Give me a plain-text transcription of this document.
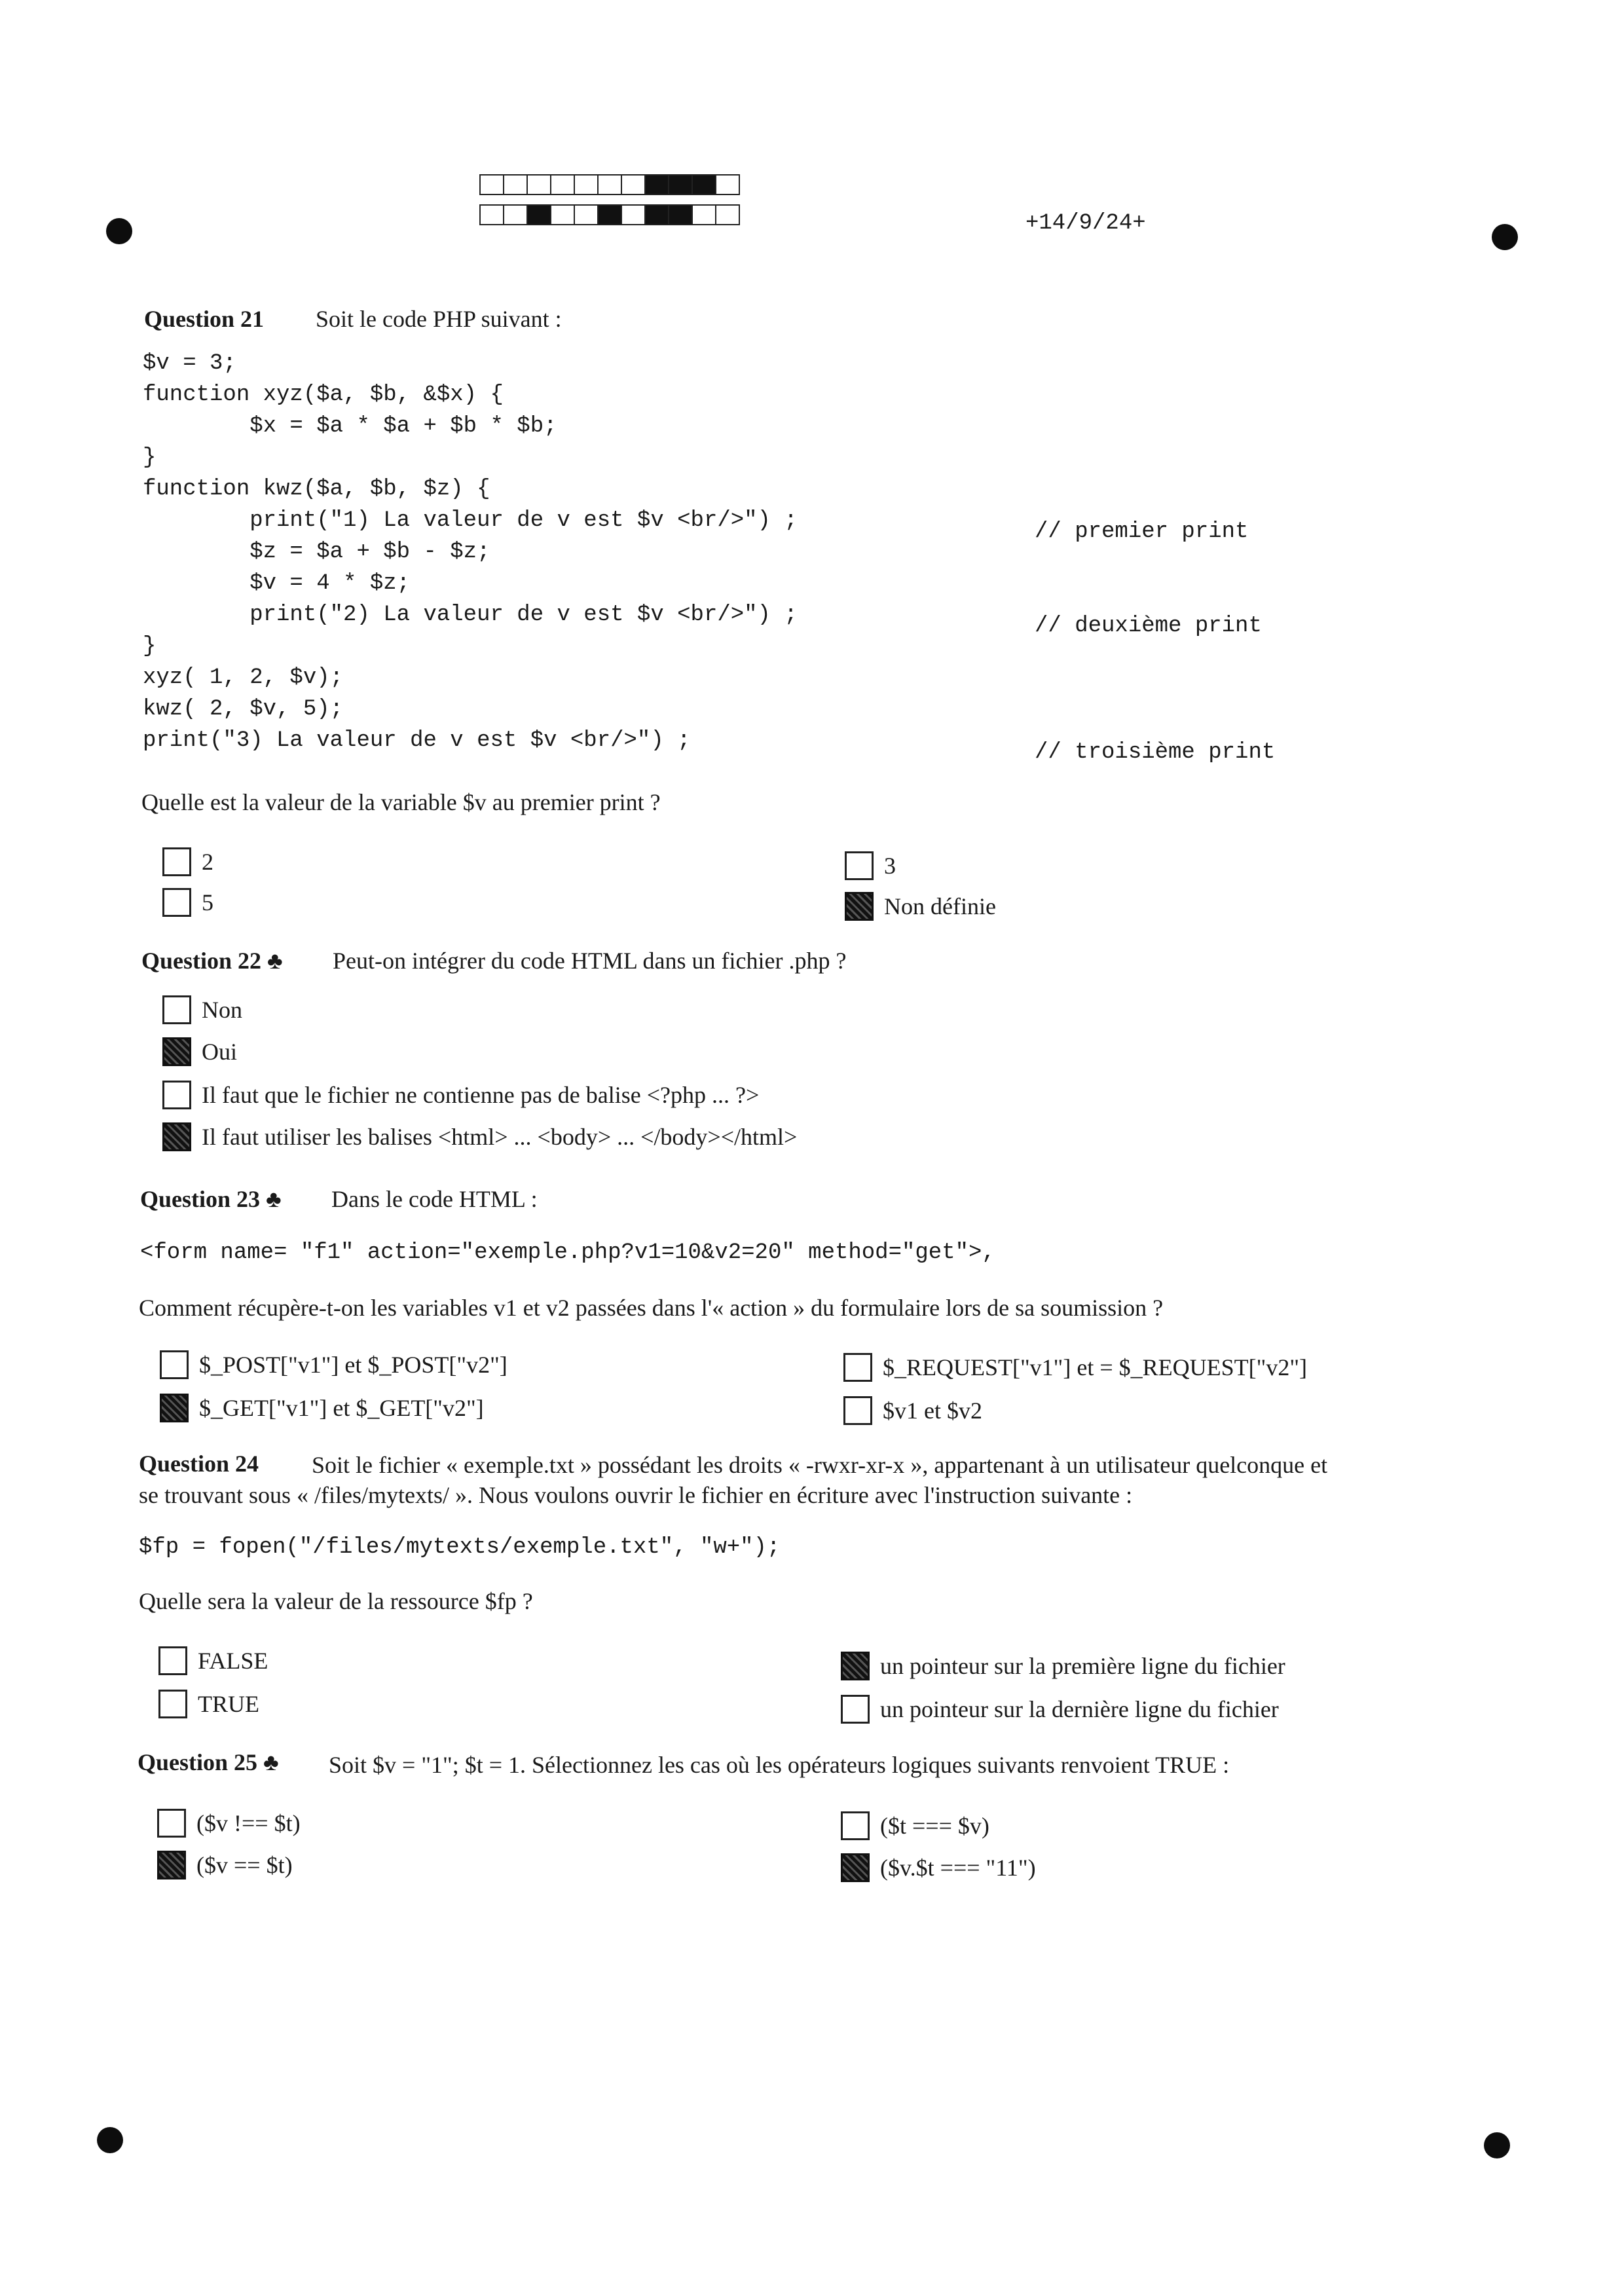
+14/9/24+
Question 21 Soit le code PHP suivant :
$v = 3;
function xyz($a, $b, &$x) {
$x = $a * $a + $b * $b;
}
function kwz($a, $b, $z) {
print("1) La valeur de v est $v <br/>") ;
$z = $a + $b - $z;
$v = 4 * $z;
print("2) La valeur de v est $v <br/>") ;
}
xyz( 1, 2, $v);
kwz( 2, $v, 5);
print("3) La valeur de v est $v <br/>") ;
// premier print
// deuxième print
// troisième print
Quelle est la valeur de la variable $v au premier print ?
2
5
3
Non définie
Question 22 ♣ Peut-on intégrer du code HTML dans un fichier .php ?
Non
Oui
Il faut que le fichier ne contienne pas de balise <?php ... ?>
Il faut utiliser les balises <html> ... <body> ... </body></html>
Question 23 ♣ Dans le code HTML :
<form name= "f1" action="exemple.php?v1=10&v2=20" method="get">,
Comment récupère-t-on les variables v1 et v2 passées dans l'« action » du formulaire lors de sa soumission ?
$_POST["v1"] et $_POST["v2"]
$_GET["v1"] et $_GET["v2"]
$_REQUEST["v1"] et = $_REQUEST["v2"]
$v1 et $v2
Question 24 Soit le fichier « exemple.txt » possédant les droits « -rwxr-xr-x », appartenant à un utilisateur quelconque et
se trouvant sous « /files/mytexts/ ». Nous voulons ouvrir le fichier en écriture avec l'instruction suivante :
$fp = fopen("/files/mytexts/exemple.txt", "w+");
Quelle sera la valeur de la ressource $fp ?
FALSE
TRUE
un pointeur sur la première ligne du fichier
un pointeur sur la dernière ligne du fichier
Question 25 ♣ Soit $v = "1"; $t = 1. Sélectionnez les cas où les opérateurs logiques suivants renvoient TRUE :
($v !== $t)
($v == $t)
($t === $v)
($v.$t === "11")
